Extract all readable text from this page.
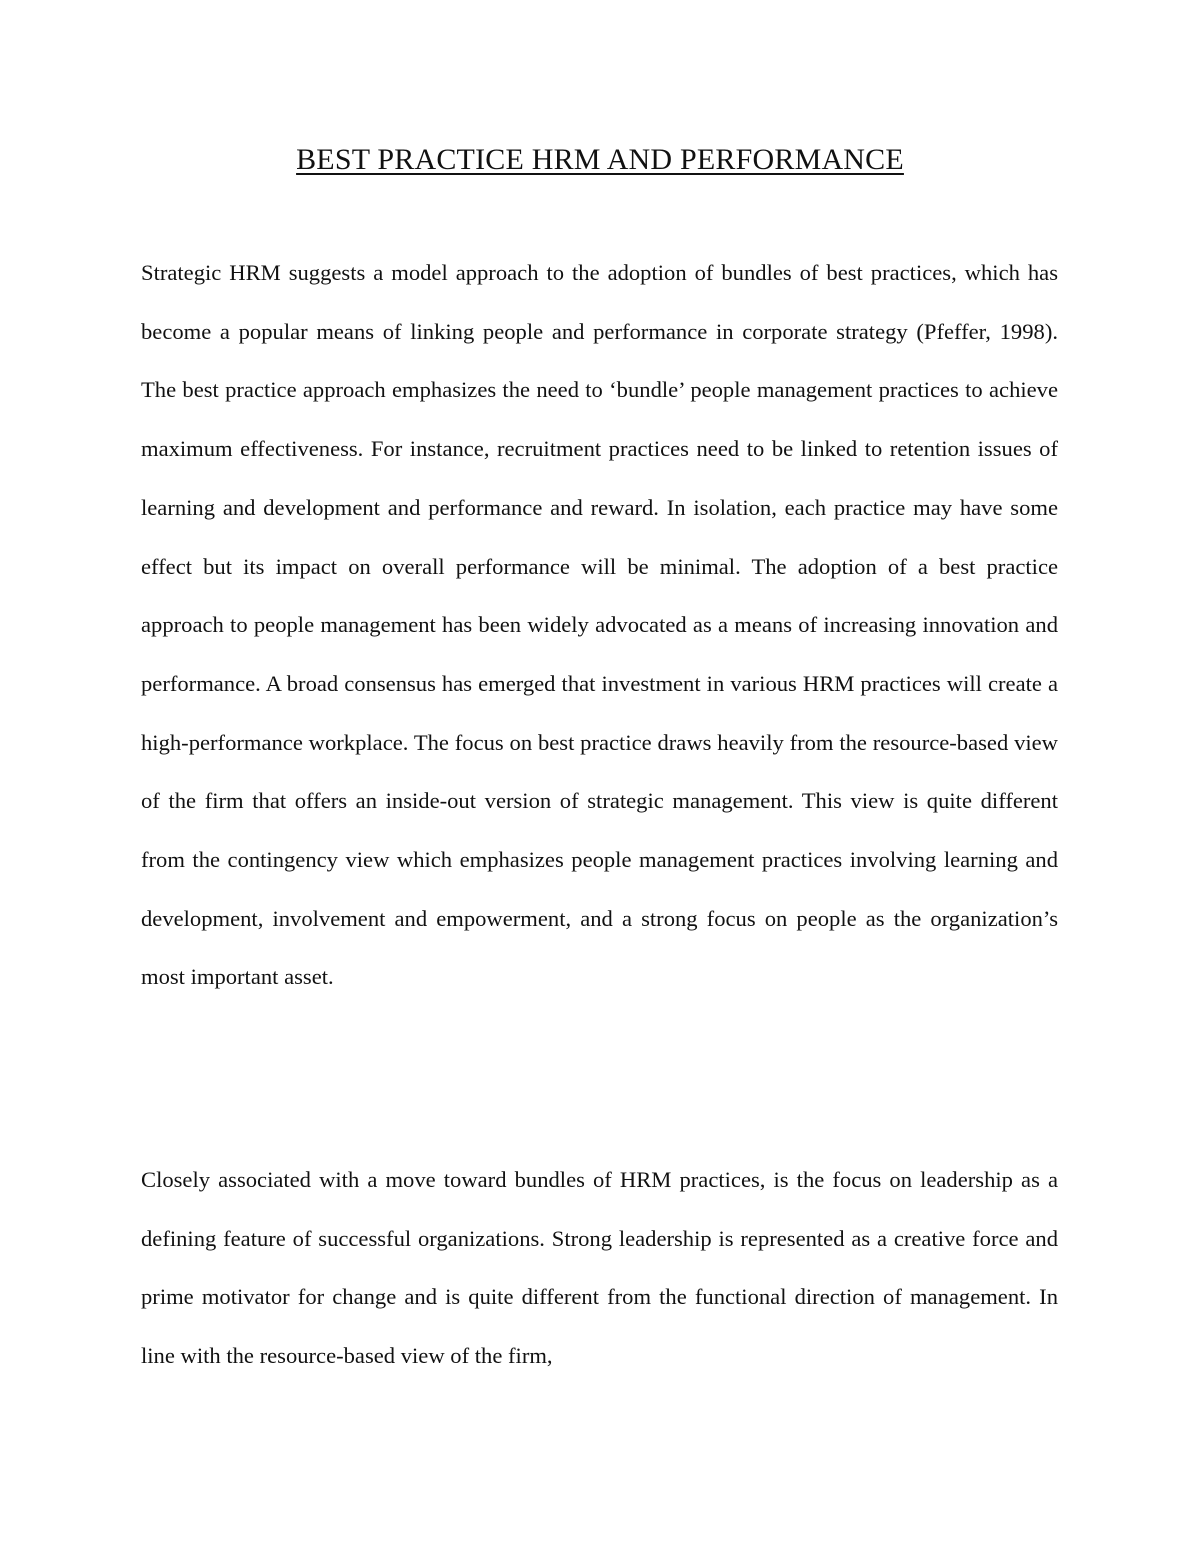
BEST PRACTICE HRM AND PERFORMANCE

Strategic HRM suggests a model approach to the adoption of bundles of best practices, which has become a popular means of linking people and performance in corporate strategy (Pfeffer, 1998). The best practice approach emphasizes the need to ‘bundle’ people management practices to achieve maximum effectiveness. For instance, recruitment practices need to be linked to retention issues of learning and development and performance and reward. In isolation, each practice may have some effect but its impact on overall performance will be minimal. The adoption of a best practice approach to people management has been widely advocated as a means of increasing innovation and performance. A broad consensus has emerged that investment in various HRM practices will create a high-performance workplace. The focus on best practice draws heavily from the resource-based view of the firm that offers an inside-out version of strategic management. This view is quite different from the contingency view which emphasizes people management practices involving learning and development, involvement and empowerment, and a strong focus on people as the organization’s most important asset.

Closely associated with a move toward bundles of HRM practices, is the focus on leadership as a defining feature of successful organizations. Strong leadership is represented as a creative force and prime motivator for change and is quite different from the functional direction of management. In line with the resource-based view of the firm,
